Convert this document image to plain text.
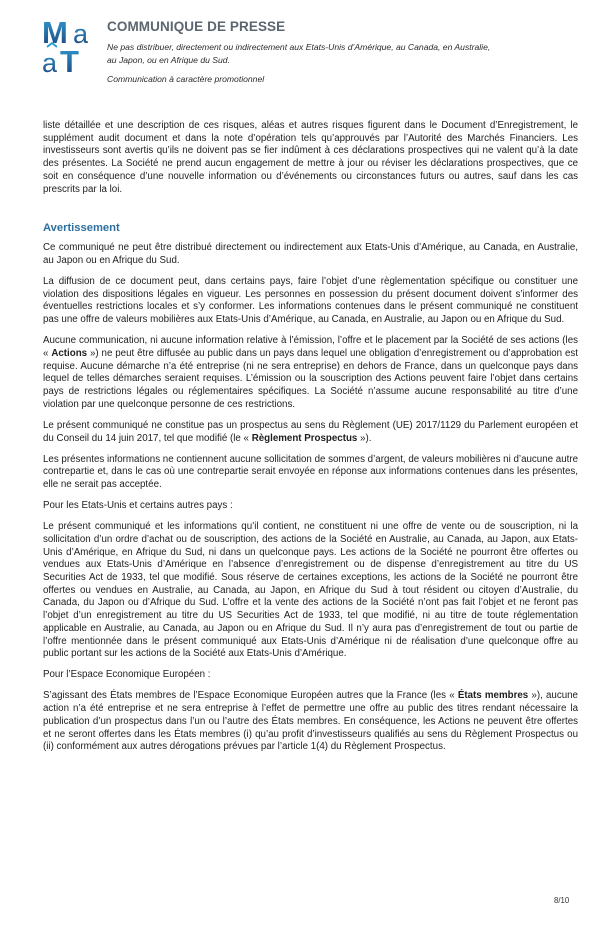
M a
a T
COMMUNIQUE DE PRESSE
Ne pas distribuer, directement ou indirectement aux Etats-Unis d’Amérique, au Canada, en Australie,
au Japon, ou en Afrique du Sud.
Communication à caractère promotionnel

liste détaillée et une description de ces risques, aléas et autres risques figurent dans le Document d’Enregistrement, le supplément audit document et dans la note d’opération tels qu’approuvés par l’Autorité des Marchés Financiers. Les investisseurs sont avertis qu’ils ne doivent pas se fier indûment à ces déclarations prospectives qui ne valent qu’à la date des présentes. La Société ne prend aucun engagement de mettre à jour ou réviser les déclarations prospectives, que ce soit en conséquence d’une nouvelle information ou d’événements ou circonstances futurs ou autres, sauf dans les cas prescrits par la loi.

Avertissement

Ce communiqué ne peut être distribué directement ou indirectement aux Etats-Unis d’Amérique, au Canada, en Australie, au Japon ou en Afrique du Sud.

La diffusion de ce document peut, dans certains pays, faire l’objet d’une règlementation spécifique ou constituer une violation des dispositions légales en vigueur. Les personnes en possession du présent document doivent s’informer des éventuelles restrictions locales et s’y conformer. Les informations contenues dans le présent communiqué ne constituent pas une offre de valeurs mobilières aux Etats-Unis d’Amérique, au Canada, en Australie, au Japon ou en Afrique du Sud.

Aucune communication, ni aucune information relative à l’émission, l’offre et le placement par la Société de ses actions (les « Actions ») ne peut être diffusée au public dans un pays dans lequel une obligation d’enregistrement ou d’approbation est requise. Aucune démarche n’a été entreprise (ni ne sera entreprise) en dehors de France, dans un quelconque pays dans lequel de telles démarches seraient requises. L’émission ou la souscription des Actions peuvent faire l’objet dans certains pays de restrictions légales ou réglementaires spécifiques. La Société n’assume aucune responsabilité au titre d’une violation par une quelconque personne de ces restrictions.

Le présent communiqué ne constitue pas un prospectus au sens du Règlement (UE) 2017/1129 du Parlement européen et du Conseil du 14 juin 2017, tel que modifié (le « Règlement Prospectus »).

Les présentes informations ne contiennent aucune sollicitation de sommes d’argent, de valeurs mobilières ni d’aucune autre contrepartie et, dans le cas où une contrepartie serait envoyée en réponse aux informations contenues dans les présentes, elle ne serait pas acceptée.

Pour les Etats-Unis et certains autres pays :

Le présent communiqué et les informations qu’il contient, ne constituent ni une offre de vente ou de souscription, ni la sollicitation d’un ordre d’achat ou de souscription, des actions de la Société en Australie, au Canada, au Japon, aux Etats-Unis d’Amérique, en Afrique du Sud, ni dans un quelconque pays. Les actions de la Société ne pourront être offertes ou vendues aux Etats-Unis d’Amérique en l’absence d’enregistrement ou de dispense d’enregistrement au titre du US Securities Act de 1933, tel que modifié. Sous réserve de certaines exceptions, les actions de la Société ne pourront être offertes ou vendues en Australie, au Canada, au Japon, en Afrique du Sud à tout résident ou citoyen d’Australie, du Canada, du Japon ou d’Afrique du Sud. L’offre et la vente des actions de la Société n’ont pas fait l’objet et ne feront pas l’objet d’un enregistrement au titre du US Securities Act de 1933, tel que modifié, ni au titre de toute réglementation applicable en Australie, au Canada, au Japon ou en Afrique du Sud. Il n’y aura pas d’enregistrement de tout ou partie de l’offre mentionnée dans le présent communiqué aux Etats-Unis d’Amérique ni de réalisation d’une quelconque offre au public portant sur les actions de la Société aux Etats-Unis d’Amérique.

Pour l’Espace Economique Européen :

S’agissant des États membres de l’Espace Economique Européen autres que la France (les « États membres »), aucune action n’a été entreprise et ne sera entreprise à l’effet de permettre une offre au public des titres rendant nécessaire la publication d’un prospectus dans l’un ou l’autre des États membres. En conséquence, les Actions ne peuvent être offertes et ne seront offertes dans les États membres (i) qu’au profit d’investisseurs qualifiés au sens du Règlement Prospectus ou (ii) conformément aux autres dérogations prévues par l’article 1(4) du Règlement Prospectus.

8/10
